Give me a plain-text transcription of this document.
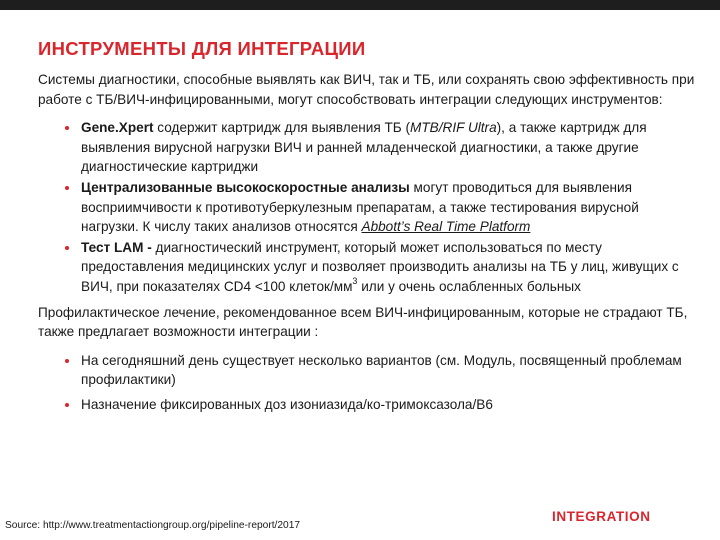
ИНСТРУМЕНТЫ ДЛЯ ИНТЕГРАЦИИ

Системы диагностики, способные выявлять как ВИЧ, так и ТБ, или сохранять свою эффективность при работе с ТБ/ВИЧ-инфицированными, могут способствовать интеграции следующих инструментов:

Gene.Xpert содержит картридж для выявления ТБ (MTB/RIF Ultra), а также картридж для выявления вирусной нагрузки ВИЧ и ранней младенческой диагностики, а также другие диагностические картриджи
Централизованные высокоскоростные анализы могут проводиться для выявления восприимчивости к противотуберкулезным препаратам, а также тестирования вирусной нагрузки. К числу таких анализов относятся Abbott’s Real Time Platform
Тест LAM - диагностический инструмент, который может использоваться по месту предоставления медицинских услуг и позволяет производить анализы на ТБ у лиц, живущих с ВИЧ, при показателях CD4 <100 клеток/$мм^3$ или у очень ослабленных больных

Профилактическое лечение, рекомендованное всем ВИЧ-инфицированным, которые не страдают ТБ, также предлагает возможности интеграции :

На сегодняшний день существует несколько вариантов (см. Модуль, посвященный проблемам профилактики)
Назначение фиксированных доз изониазида/ко-тримоксазола/B6
Source: http://www.treatmentactiongroup.org/pipeline-report/2017
INTEGRATION
